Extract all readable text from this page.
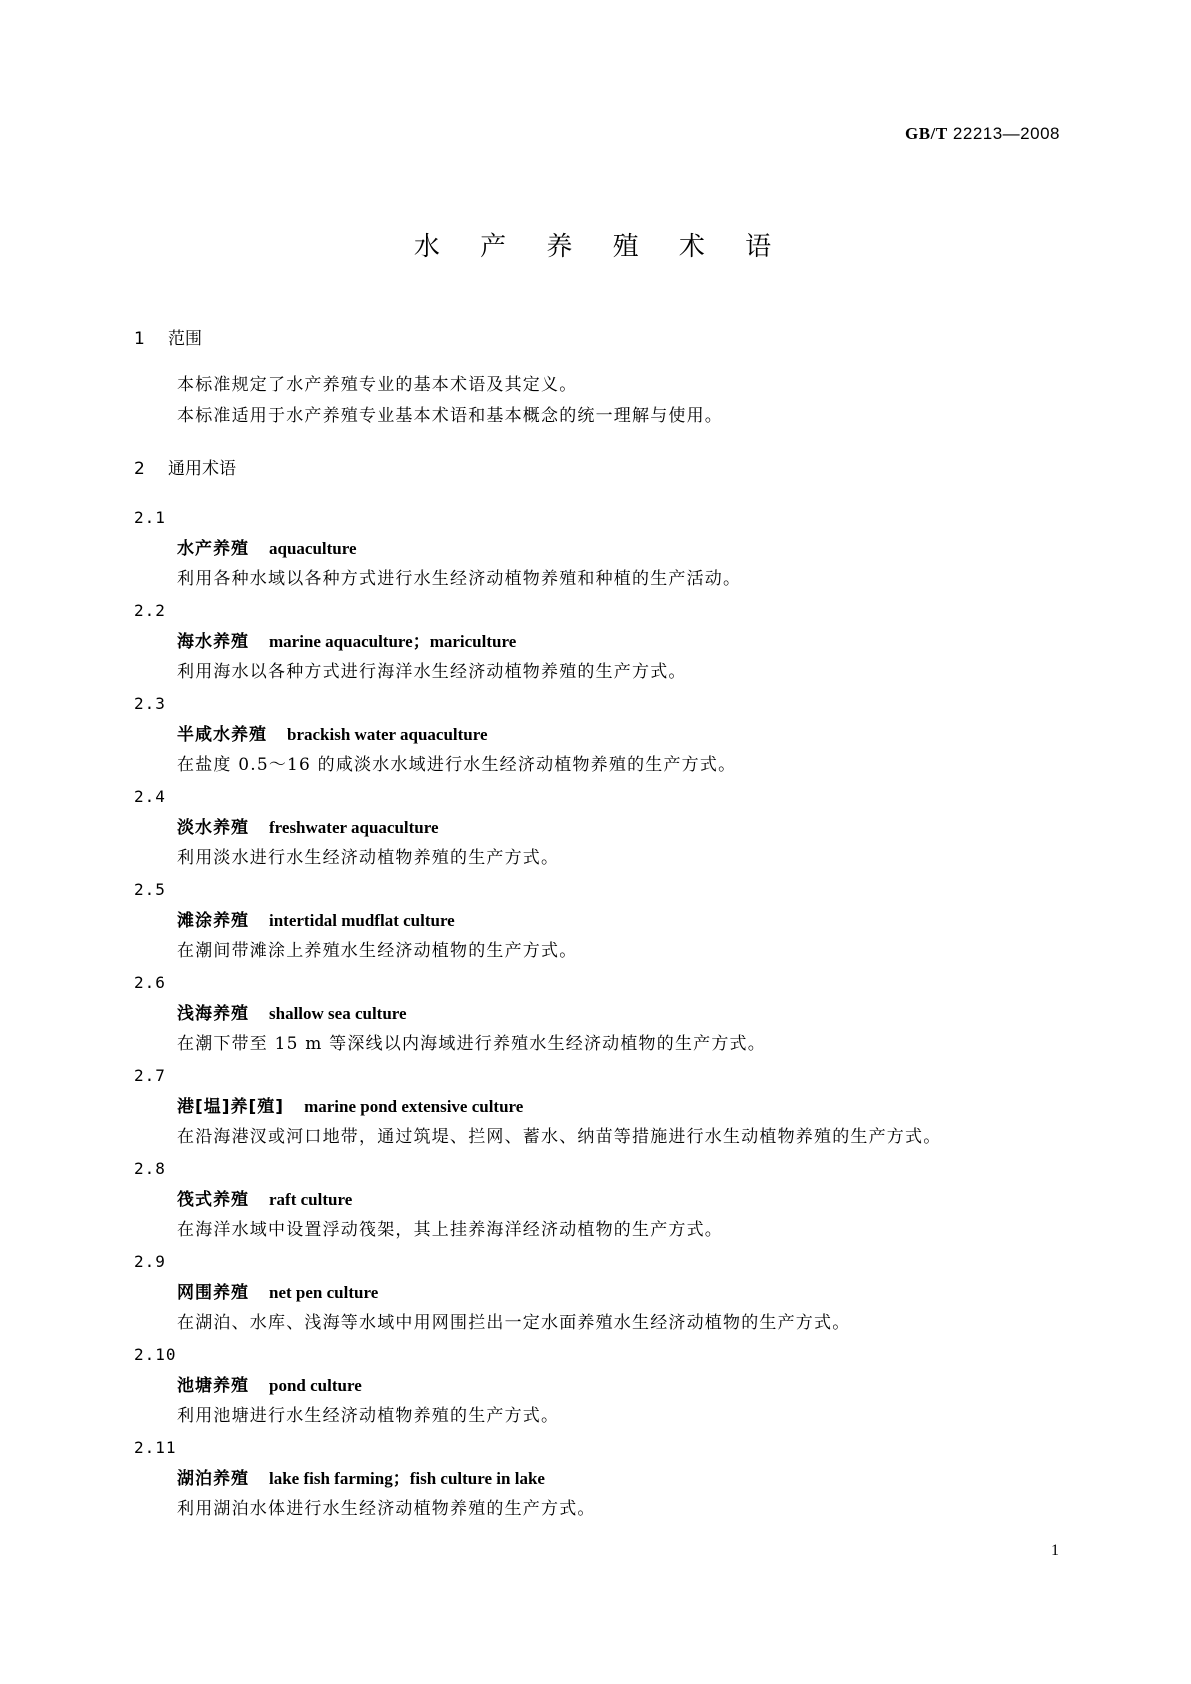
GB/T 22213—2008
水 产 养 殖 术 语
1 范围
本标准规定了水产养殖专业的基本术语及其定义。
本标准适用于水产养殖专业基本术语和基本概念的统一理解与使用。
2 通用术语
2.1
水产养殖 aquaculture
利用各种水域以各种方式进行水生经济动植物养殖和种植的生产活动。
2.2
海水养殖 marine aquaculture；mariculture
利用海水以各种方式进行海洋水生经济动植物养殖的生产方式。
2.3
半咸水养殖 brackish water aquaculture
在盐度 0.5～16 的咸淡水水域进行水生经济动植物养殖的生产方式。
2.4
淡水养殖 freshwater aquaculture
利用淡水进行水生经济动植物养殖的生产方式。
2.5
滩涂养殖 intertidal mudflat culture
在潮间带滩涂上养殖水生经济动植物的生产方式。
2.6
浅海养殖 shallow sea culture
在潮下带至 15 m 等深线以内海域进行养殖水生经济动植物的生产方式。
2.7
港[塭]养[殖] marine pond extensive culture
在沿海港汊或河口地带，通过筑堤、拦网、蓄水、纳苗等措施进行水生动植物养殖的生产方式。
2.8
筏式养殖 raft culture
在海洋水域中设置浮动筏架，其上挂养海洋经济动植物的生产方式。
2.9
网围养殖 net pen culture
在湖泊、水库、浅海等水域中用网围拦出一定水面养殖水生经济动植物的生产方式。
2.10
池塘养殖 pond culture
利用池塘进行水生经济动植物养殖的生产方式。
2.11
湖泊养殖 lake fish farming；fish culture in lake
利用湖泊水体进行水生经济动植物养殖的生产方式。
1
